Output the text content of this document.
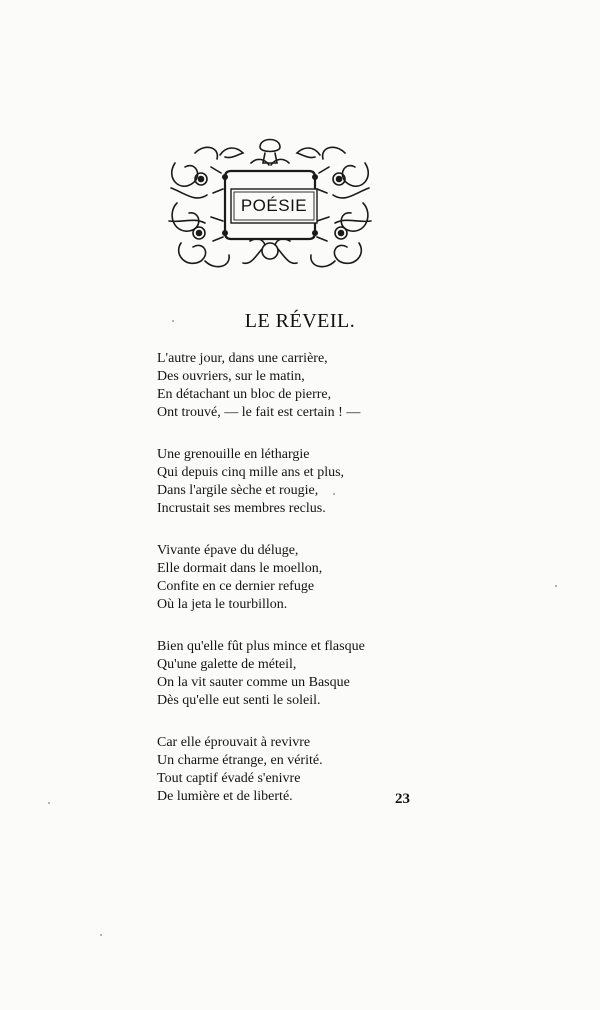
POÉSIE
LE RÉVEIL.
L'autre jour, dans une carrière,
Des ouvriers, sur le matin,
En détachant un bloc de pierre,
Ont trouvé, — le fait est certain ! —
Une grenouille en léthargie
Qui depuis cinq mille ans et plus,
Dans l'argile sèche et rougie,
Incrustait ses membres reclus.
Vivante épave du déluge,
Elle dormait dans le moellon,
Confite en ce dernier refuge
Où la jeta le tourbillon.
Bien qu'elle fût plus mince et flasque
Qu'une galette de méteil,
On la vit sauter comme un Basque
Dès qu'elle eut senti le soleil.
Car elle éprouvait à revivre
Un charme étrange, en vérité.
Tout captif évadé s'enivre
De lumière et de liberté.	23
